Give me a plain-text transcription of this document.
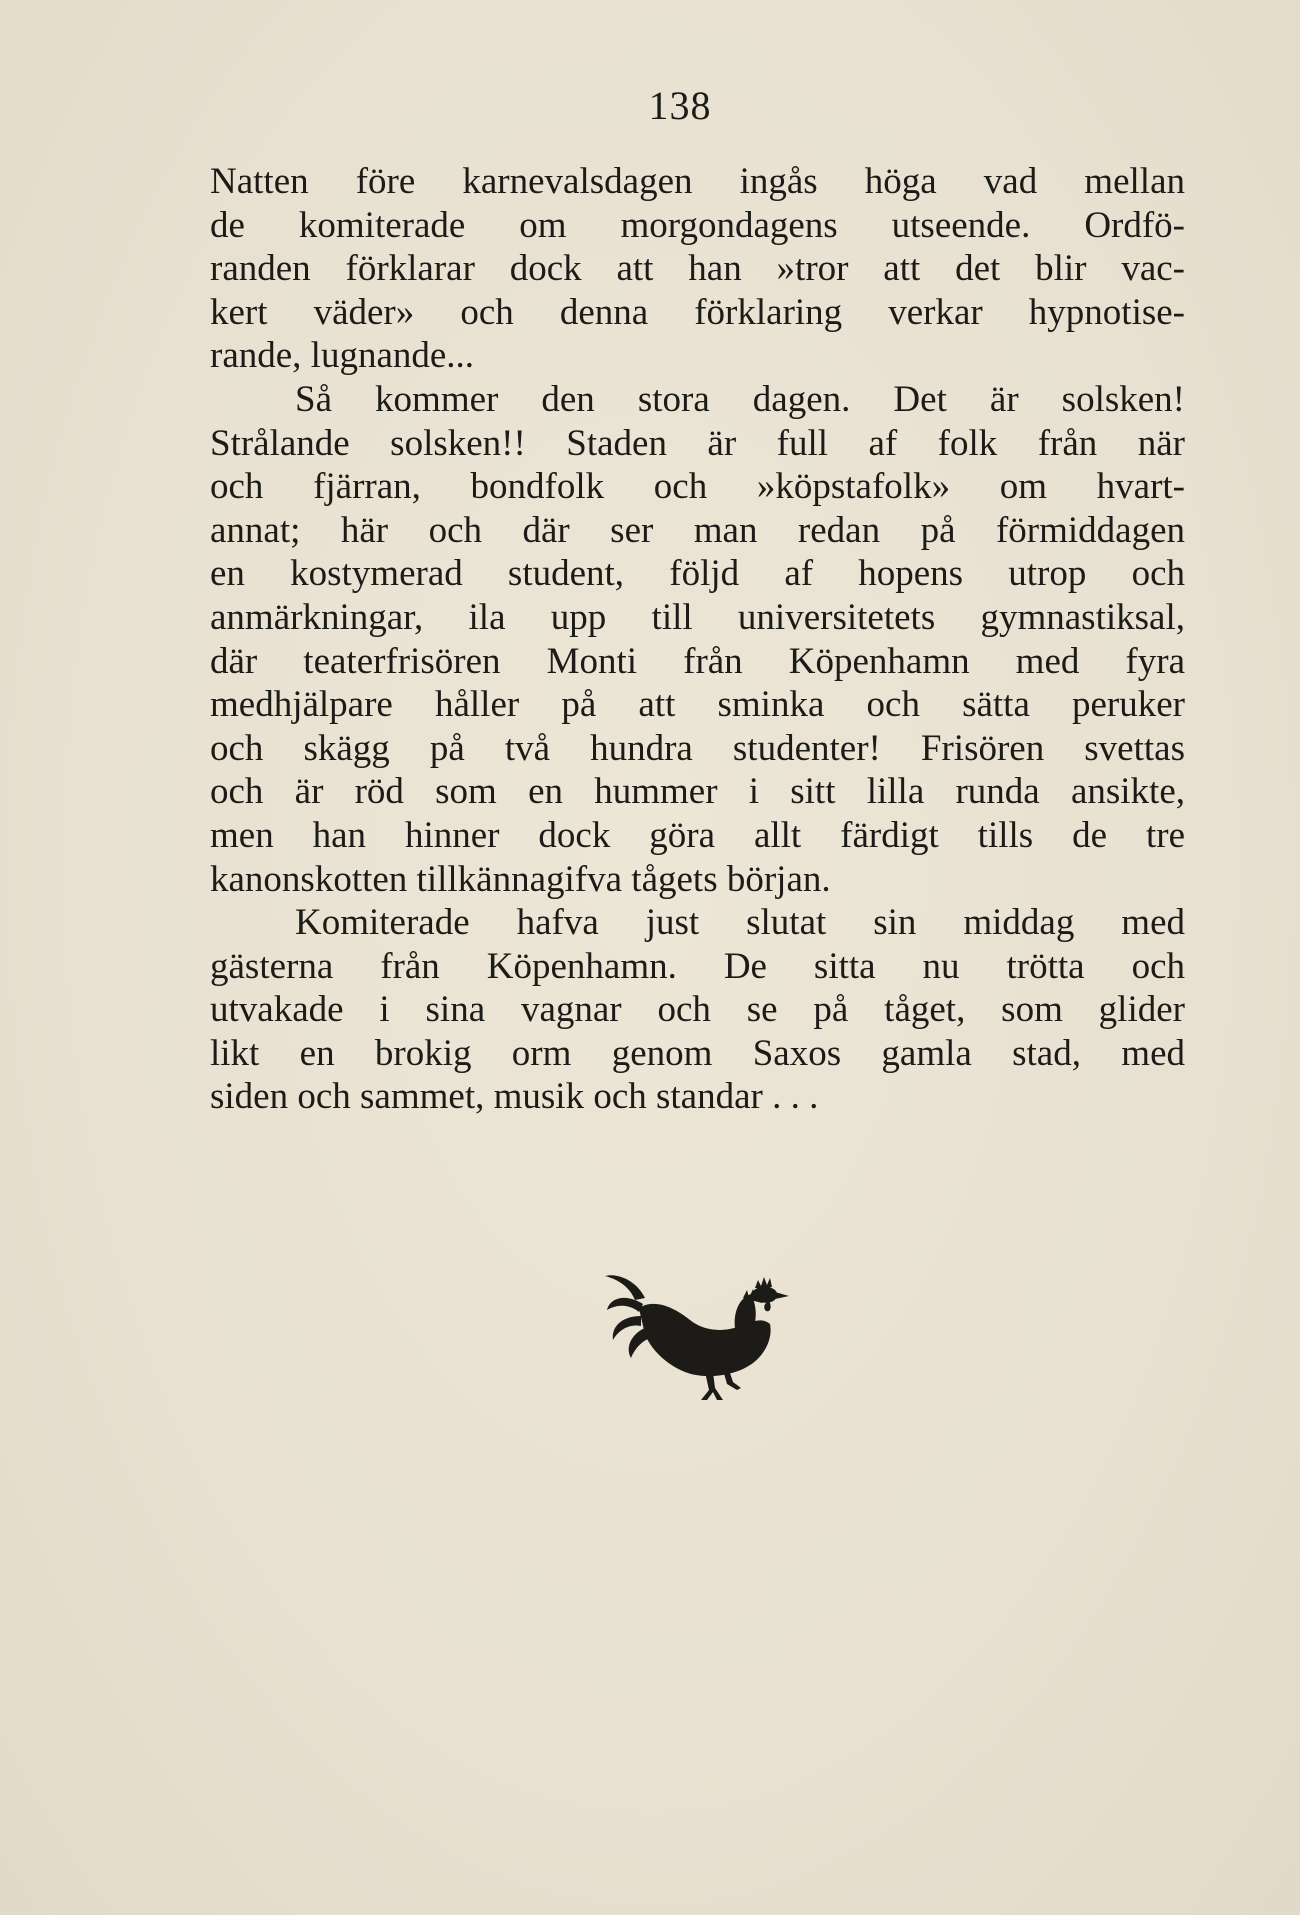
138
Natten före karnevalsdagen ingås höga vad mellan
de komiterade om morgondagens utseende. Ordfö-
randen förklarar dock att han »tror att det blir vac-
kert väder» och denna förklaring verkar hypnotise-
rande, lugnande...
Så kommer den stora dagen. Det är solsken!
Strålande solsken!! Staden är full af folk från när
och fjärran, bondfolk och »köpstafolk» om hvart-
annat; här och där ser man redan på förmiddagen
en kostymerad student, följd af hopens utrop och
anmärkningar, ila upp till universitetets gymnastiksal,
där teaterfrisören Monti från Köpenhamn med fyra
medhjälpare håller på att sminka och sätta peruker
och skägg på två hundra studenter! Frisören svettas
och är röd som en hummer i sitt lilla runda ansikte,
men han hinner dock göra allt färdigt tills de tre
kanonskotten tillkännagifva tågets början.
Komiterade hafva just slutat sin middag med
gästerna från Köpenhamn. De sitta nu trötta och
utvakade i sina vagnar och se på tåget, som glider
likt en brokig orm genom Saxos gamla stad, med
siden och sammet, musik och standar . . .
